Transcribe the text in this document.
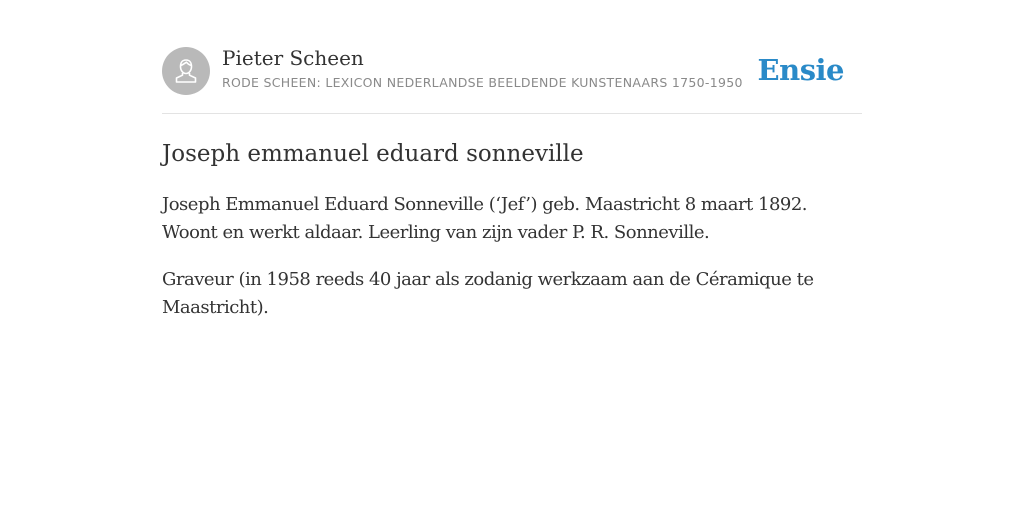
Pieter Scheen
RODE SCHEEN: LEXICON NEDERLANDSE BEELDENDE KUNSTENAARS 1750-1950 Ensie
Joseph emmanuel eduard sonneville

Joseph Emmanuel Eduard Sonneville (‘Jef’) geb. Maastricht 8 maart 1892. Woont en werkt aldaar. Leerling van zijn vader P. R. Sonneville.

Graveur (in 1958 reeds 40 jaar als zodanig werkzaam aan de Céramique te Maastricht).
